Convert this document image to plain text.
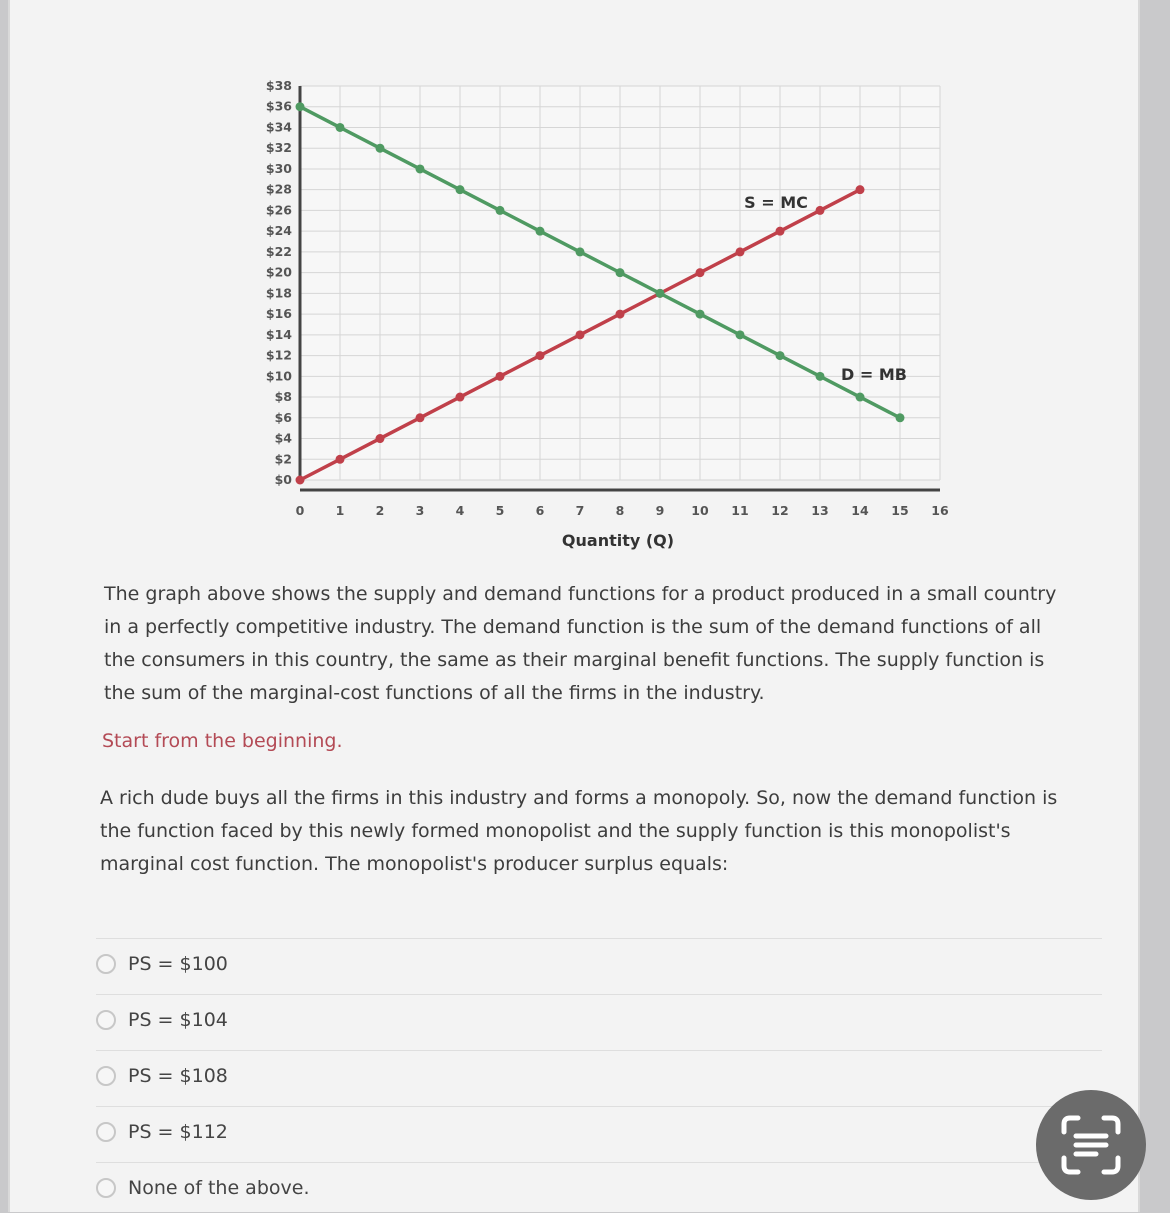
$0
$2
$4
$6
$8
$10
$12
$14
$16
$18
$20
$22
$24
$26
$28
$30
$32
$34
$36
$38
0	1	2	3	4	5	6	7	8	9 10 11 12 13 14 15 16
Quantity (Q)
S = MC
D = MB
The graph above shows the supply and demand functions for a product produced in a small country
in a perfectly competitive industry. The demand function is the sum of the demand functions of all
the consumers in this country, the same as their marginal benefit functions. The supply function is
the sum of the marginal-cost functions of all the firms in the industry.
Start from the beginning.
A rich dude buys all the firms in this industry and forms a monopoly. So, now the demand function is
the function faced by this newly formed monopolist and the supply function is this monopolist's
marginal cost function. The monopolist's producer surplus equals:
PS = $100
PS = $104
PS = $108
PS = $112
None of the above.
